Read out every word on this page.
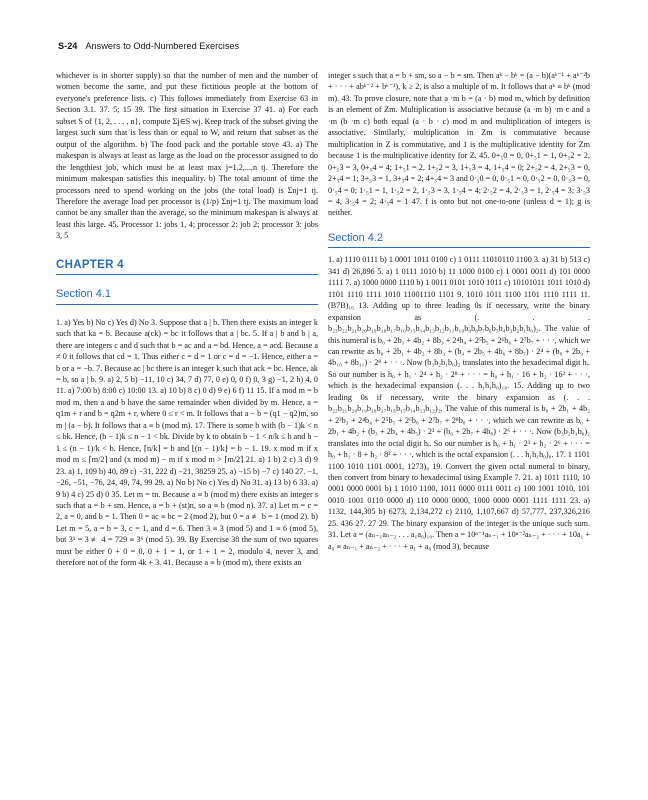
S-24 Answers to Odd-Numbered Exercises

whichever is in shorter supply) so that the number of men and the number of women become the same, and put these fictitious people at the bottom of everyone's preference lists. c) This follows immediately from Exercise 63 in Section 3.1. 37. 5; 15 39. The first situation in Exercise 37 41. a) For each subset S of {1, 2, . . . , n}, compute Σj∈S wj. Keep track of the subset giving the largest such sum that is less than or equal to W, and return that subset as the output of the algorithm. b) The food pack and the portable stove 43. a) The makespan is always at least as large as the load on the processor assigned to do the lengthiest job, which must be at least max j=1,2,...,n tj. Therefore the minimum makespan satisfies this inequality. b) The total amount of time the processors need to spend working on the jobs (the total load) is Σnj=1 tj. Therefore the average load per processor is (1/p) Σnj=1 tj. The maximum load cannot be any smaller than the average, so the minimum makespan is always at least this large. 45. Processor 1: jobs 1, 4; processor 2: job 2; processor 3: jobs 3, 5

CHAPTER 4

Section 4.1

1. a) Yes b) No c) Yes d) No 3. Suppose that a | b. Then there exists an integer k such that ka = b. Because a(ck) = bc it follows that a | bc. 5. If a | b and b | a, there are integers c and d such that b = ac and a = bd. Hence, a = acd. Because a ≠ 0 it follows that cd = 1. Thus either c = d = 1 or c = d = −1. Hence, either a = b or a = −b. 7. Because ac | bc there is an integer k such that ack = bc. Hence, ak = b, so a | b. 9. a) 2, 5 b) −11, 10 c) 34, 7 d) 77, 0 e) 0, 0 f) 0, 3 g) −1, 2 h) 4, 0 11. a) 7:00 b) 8:00 c) 10:00 13. a) 10 b) 8 c) 0 d) 9 e) 6 f) 11 15. If a mod m = b mod m, then a and b have the same remainder when divided by m. Hence, a = q1m + r and b = q2m + r, where 0 ≤ r < m. It follows that a − b = (q1 − q2)m, so m | (a − b). It follows that a ≡ b (mod m). 17. There is some b with (b − 1)k < n ≤ bk. Hence, (b − 1)k ≤ n − 1 < bk. Divide by k to obtain b − 1 < n/k ≤ b and b − 1 ≤ (n − 1)/k < b. Hence, ⌈n/k⌉ = b and ⌊(n − 1)/k⌋ = b − 1. 19. x mod m if x mod m ≤ ⌈m/2⌉ and (x mod m) − m if x mod m > ⌈m/2⌉ 21. a) 1 b) 2 c) 3 d) 9 23. a) 1, 109 b) 40, 89 c) −31, 222 d) −21, 38259 25. a) −15 b) −7 c) 140 27. −1, −26, −51, −76, 24, 49, 74, 99 29. a) No b) No c) Yes d) No 31. a) 13 b) 6 33. a) 9 b) 4 c) 25 d) 0 35. Let m = tn. Because a ≡ b (mod m) there exists an integer s such that a = b + sm. Hence, a = b + (st)n, so a ≡ b (mod n). 37. a) Let m = c = 2, a = 0, and b = 1. Then 0 = ac ≡ bc = 2 (mod 2), but 0 = a ≢ b = 1 (mod 2). b) Let m = 5, a = b = 3, c = 1, and d = 6. Then 3 ≡ 3 (mod 5) and 1 ≡ 6 (mod 5), but 3¹ = 3 ≢ 4 = 729 ≡ 3⁶ (mod 5). 39. By Exercise 38 the sum of two squares must be either 0 + 0 = 0, 0 + 1 = 1, or 1 + 1 = 2, modulo 4, never 3, and therefore not of the form 4k + 3. 41. Because a ≡ b (mod m), there exists an

integer s such that a = b + sm, so a − b = sm. Then aᵏ − bᵏ = (a − b)(aᵏ⁻¹ + aᵏ⁻²b + · · · + abᵏ⁻² + bᵏ⁻¹), k ≥ 2, is also a multiple of m. It follows that aᵏ ≡ bᵏ (mod m). 43. To prove closure, note that a ·m b = (a · b) mod m, which by definition is an element of Zm. Multiplication is associative because (a ·m b) ·m c and a ·m (b ·m c) both equal (a · b · c) mod m and multiplication of integers is associative. Similarly, multiplication in Zm is commutative because multiplication in Z is commutative, and 1 is the multiplicative identity for Zm because 1 is the multiplicative identity for Z. 45. 0+₅0 = 0, 0+₅1 = 1, 0+₅2 = 2, 0+₅3 = 3, 0+₅4 = 4; 1+₅1 = 2, 1+₅2 = 3, 1+₅3 = 4, 1+₅4 = 0; 2+₅2 = 4, 2+₅3 = 0, 2+₅4 = 1; 3+₅3 = 1, 3+₅4 = 2; 4+₅4 = 3 and 0·₅0 = 0, 0·₅1 = 0, 0·₅2 = 0, 0·₅3 = 0, 0·₅4 = 0; 1·₅1 = 1, 1·₅2 = 2, 1·₅3 = 3, 1·₅4 = 4; 2·₅2 = 4, 2·₅3 = 1, 2·₅4 = 3; 3·₅3 = 4, 3·₅4 = 2; 4·₅4 = 1 47. f is onto but not one-to-one (unless d = 1); g is neither.

Section 4.2

1. a) 1110 0111 b) 1 0001 1011 0100 c) 1 0111 11010110 1100 3. a) 31 b) 513 c) 341 d) 26,896 5. a) 1 0111 1010 b) 11 1000 0100 c) 1 0001 0011 d) 101 0000 1111 7. a) 1000 0000 1110 b) 1 0011 0101 1010 1011 c) 10101011 1011 1010 d) 1101 1110 1111 1010 11001110 1101 9. 1010 1011 1100 1101 1110 1111 11. (B7B)₁₆ 13. Adding up to three leading 0s if necessary, write the binary expansion as (. . . b₂₃b₂₂b₂₁b₂₀b₁₉b₁₈b₁₇b₁₆b₁₅b₁₄b₁₃b₁₂b₁₁b₁₀b₉b₈b₇b₆b₅b₄b₃b₂b₁b₀)₂. The value of this numeral is b₀ + 2b₁ + 4b₂ + 8b₃ + 2⁴b₄ + 2⁵b₅ + 2⁶b₆ + 2⁷b₇ + · · ·, which we can rewrite as b₀ + 2b₁ + 4b₂ + 8b₃ + (b₄ + 2b₅ + 4b₆ + 8b₇) · 2⁴ + (b₈ + 2b₉ + 4b₁₀ + 8b₁₁) · 2⁸ + · · ·. Now (b₃b₂b₁b₀)₂ translates into the hexadecimal digit hᵢ. So our number is h₀ + h₁ · 2⁴ + h₂ · 2⁸ + · · · = h₀ + h₁ · 16 + h₂ · 16² + · · ·, which is the hexadecimal expansion (. . . h₁h₁h₀)₁₆. 15. Adding up to two leading 0s if necessary, write the binary expansion as (. . . b₂₂b₂₁b₂₀b₁₉b₁₈b₁₇b₁₆b₁₅b₁₄b₁₃b₁₂)₂. The value of this numeral is b₀ + 2b₁ + 4b₂ + 2³b₃ + 2⁴b₄ + 2⁵b₅ + 2⁶b₆ + 2⁷b₇ + 2⁸b₈ + · · ·, which we can rewrite as b₀ + 2b₁ + 4b₂ + (b₃ + 2b₄ + 4b₅) · 2³ + (b₆ + 2b₇ + 4b₈) · 2⁶ + · · ·. Now (b₃b₂b₁b₀)₂ translates into the octal digit hᵢ. So our number is h₀ + h₁ · 2³ + h₂ · 2⁶ + · · · = h₀ + h₁ · 8 + h₂ · 8² + · · ·, which is the octal expansion (. . . h₁h₁h₀)₈. 17. 1 1101 1100 1010 1101 0001, 1273)₈ 19. Convert the given octal numeral to binary, then convert from binary to hexadecimal using Example 7. 21. a) 1011 1110, 10 0001 0000 0001 b) 1 1010 1100, 1011 0000 0111 0011 c) 100 1001 1010, 101 0010 1001 0110 0000 d) 110 0000 0000, 1000 0000 0001 1111 1111 23. a) 1132, 144,305 b) 6273, 2,134,272 c) 2110, 1,107,667 d) 57,777, 237,326,216 25. 436 27. 27 29. The binary expansion of the integer is the unique such sum. 31. Let a = (aₙ₋₁aₙ₋₂ . . . a₁a₀)₁₀. Then a = 10ⁿ⁻¹aₙ₋₁ + 10ⁿ⁻²aₙ₋₂ + · · · + 10a₁ + a₀ ≡ aₙ₋₁ + aₙ₋₂ + · · · + a₁ + a₀ (mod 3), because
